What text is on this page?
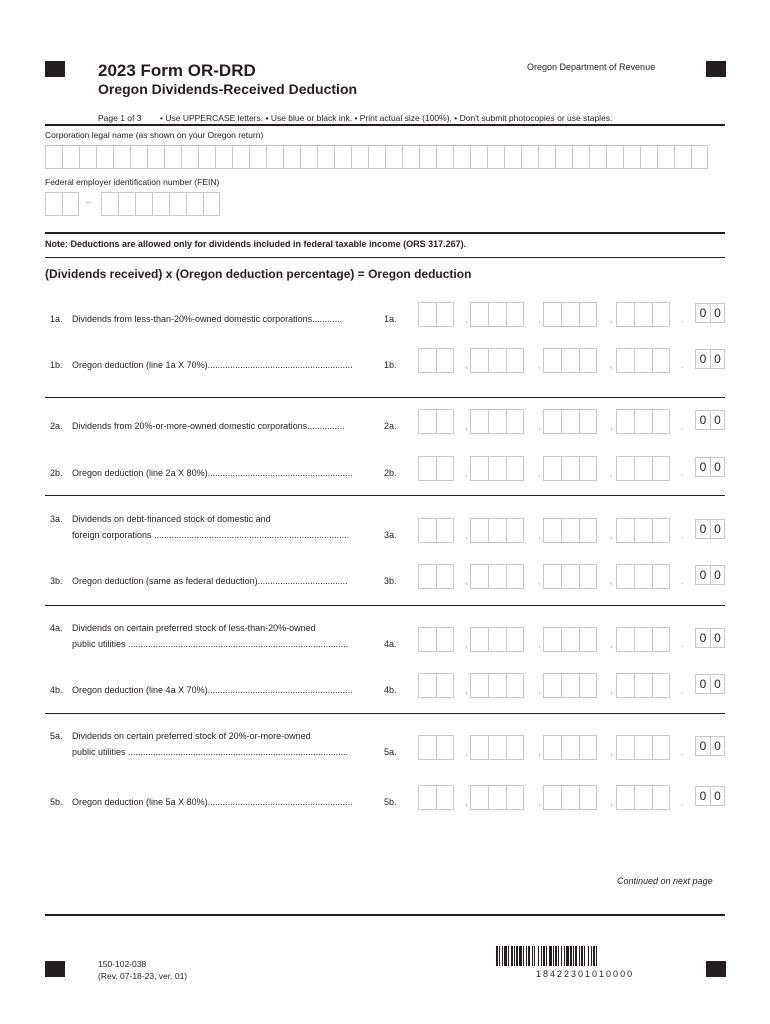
2023 Form OR-DRD
Oregon Dividends-Received Deduction
Oregon Department of Revenue
Page 1 of 3 • Use UPPERCASE letters. • Use blue or black ink. • Print actual size (100%). • Don't submit photocopies or use staples.
Corporation legal name (as shown on your Oregon return)
Federal employer identification number (FEIN)
–
Note: Deductions are allowed only for dividends included in federal taxable income (ORS 317.267).
(Dividends received) x (Oregon deduction percentage) = Oregon deduction
1a. Dividends from less-than-20%-owned domestic corporations............	1a.	,	,	,	.	0 0
1b. Oregon deduction (line 1a X 70%)..........................................................	1b.	,	,	,	.	0 0
2a. Dividends from 20%-or-more-owned domestic corporations...............	2a.	,	,	,	.	0 0
2b. Oregon deduction (line 2a X 80%)..........................................................	2b.	,	,	,	.	0 0
3a. Dividends on debt-financed stock of domestic and
foreign corporations ..............................................................................	3a.	,	,	,	.	0 0
3b. Oregon deduction (same as federal deduction)....................................	3b.	,	,	,	.	0 0
4a. Dividends on certain preferred stock of less-than-20%-owned
public utilities ........................................................................................	4a.	,	,	,	.	0 0
4b. Oregon deduction (line 4a X 70%)..........................................................	4b.	,	,	,	.	0 0
5a. Dividends on certain preferred stock of 20%-or-more-owned
public utilities ........................................................................................	5a.	,	,	,	.	0 0
5b. Oregon deduction (line 5a X 80%)..........................................................	5b.	,	,	,	.	0 0
Continued on next page
150-102-038
(Rev. 07-18-23, ver. 01)	18422301010000
